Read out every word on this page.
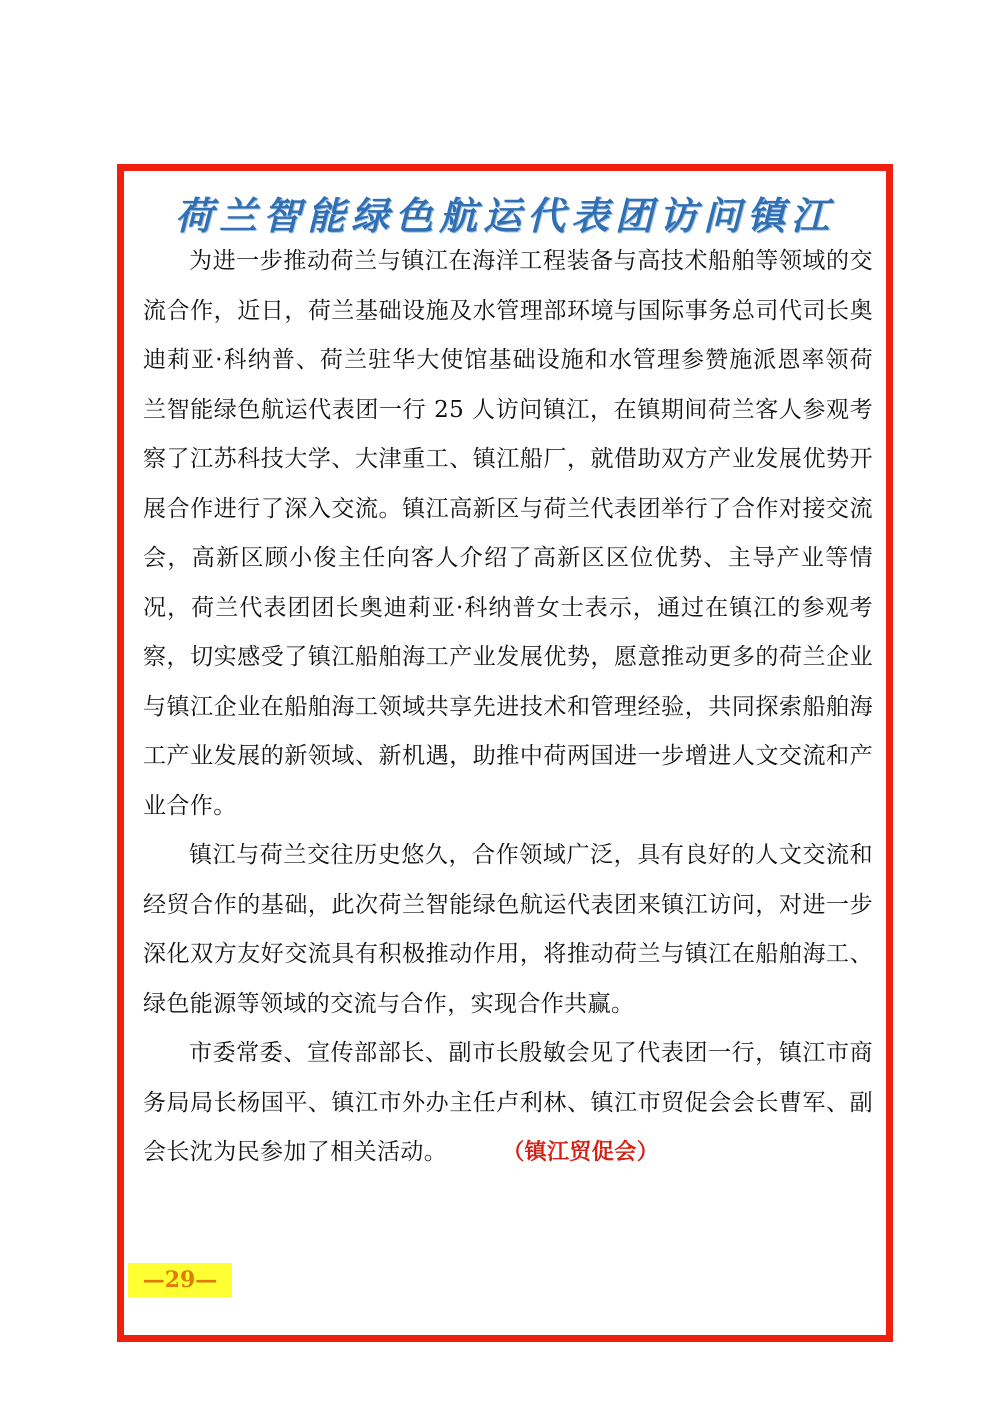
荷兰智能绿色航运代表团访问镇江

为进一步推动荷兰与镇江在海洋工程装备与高技术船舶等领域的交流合作，近日，荷兰基础设施及水管理部环境与国际事务总司代司长奥迪莉亚·科纳普、荷兰驻华大使馆基础设施和水管理参赞施派恩率领荷兰智能绿色航运代表团一行 25 人访问镇江，在镇期间荷兰客人参观考察了江苏科技大学、大津重工、镇江船厂，就借助双方产业发展优势开展合作进行了深入交流。镇江高新区与荷兰代表团举行了合作对接交流会，高新区顾小俊主任向客人介绍了高新区区位优势、主导产业等情况，荷兰代表团团长奥迪莉亚·科纳普女士表示，通过在镇江的参观考察，切实感受了镇江船舶海工产业发展优势，愿意推动更多的荷兰企业与镇江企业在船舶海工领域共享先进技术和管理经验，共同探索船舶海工产业发展的新领域、新机遇，助推中荷两国进一步增进人文交流和产业合作。

镇江与荷兰交往历史悠久，合作领域广泛，具有良好的人文交流和经贸合作的基础，此次荷兰智能绿色航运代表团来镇江访问，对进一步深化双方友好交流具有积极推动作用，将推动荷兰与镇江在船舶海工、绿色能源等领域的交流与合作，实现合作共赢。

市委常委、宣传部部长、副市长殷敏会见了代表团一行，镇江市商务局局长杨国平、镇江市外办主任卢利林、镇江市贸促会会长曹军、副会长沈为民参加了相关活动。	（镇江贸促会）

—29—
